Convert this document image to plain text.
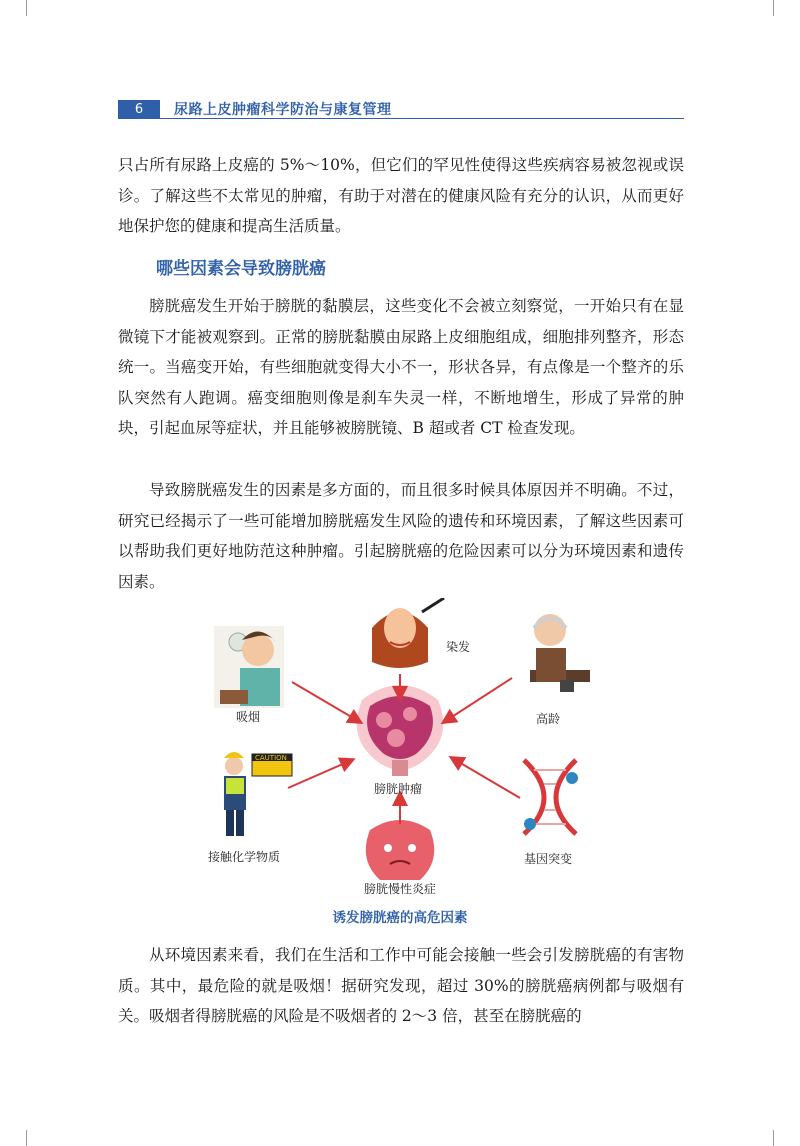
6	尿路上皮肿瘤科学防治与康复管理

只占所有尿路上皮癌的 5%～10%，但它们的罕见性使得这些疾病容易被忽视或误诊。了解这些不太常见的肿瘤，有助于对潜在的健康风险有充分的认识，从而更好地保护您的健康和提高生活质量。

哪些因素会导致膀胱癌

膀胱癌发生开始于膀胱的黏膜层，这些变化不会被立刻察觉，一开始只有在显微镜下才能被观察到。正常的膀胱黏膜由尿路上皮细胞组成，细胞排列整齐，形态统一。当癌变开始，有些细胞就变得大小不一，形状各异，有点像是一个整齐的乐队突然有人跑调。癌变细胞则像是刹车失灵一样，不断地增生，形成了异常的肿块，引起血尿等症状，并且能够被膀胱镜、B 超或者 CT 检查发现。

导致膀胱癌发生的因素是多方面的，而且很多时候具体原因并不明确。不过，研究已经揭示了一些可能增加膀胱癌发生风险的遗传和环境因素，了解这些因素可以帮助我们更好地防范这种肿瘤。引起膀胱癌的危险因素可以分为环境因素和遗传因素。

吸烟
染发
高龄
膀胱肿瘤
接触化学物质	基因突变
膀胱慢性炎症
CAUTION
诱发膀胱癌的高危因素

从环境因素来看，我们在生活和工作中可能会接触一些会引发膀胱癌的有害物质。其中，最危险的就是吸烟！据研究发现，超过 30%的膀胱癌病例都与吸烟有关。吸烟者得膀胱癌的风险是不吸烟者的 2～3 倍，甚至在膀胱癌的
